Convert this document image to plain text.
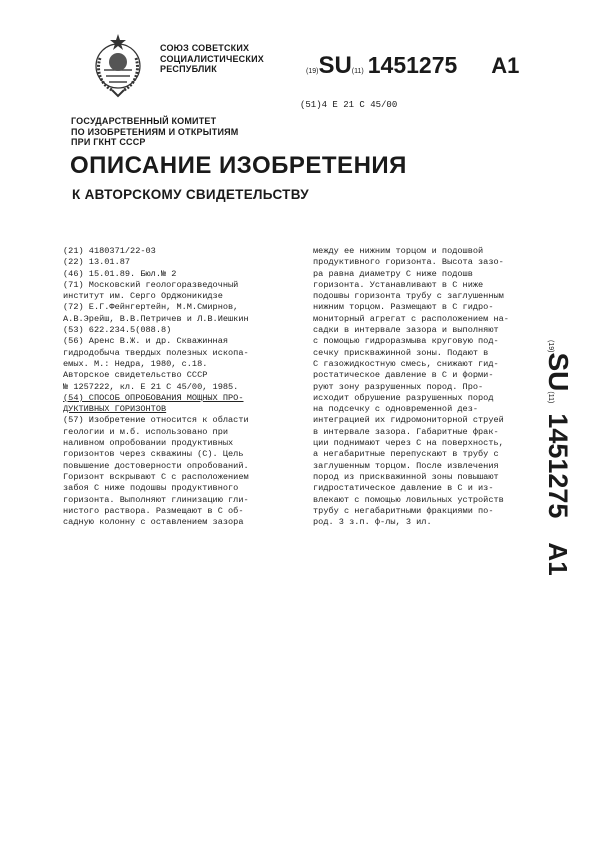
СОЮЗ СОВЕТСКИХ
СОЦИАЛИСТИЧЕСКИХ
РЕСПУБЛИК	(19)SU(11) 1451275 A1
(51)4 Е 21 С 45/00
ГОСУДАРСТВЕННЫЙ КОМИТЕТ
ПО ИЗОБРЕТЕНИЯМ И ОТКРЫТИЯМ
ПРИ ГКНТ СССР
ОПИСАНИЕ ИЗОБРЕТЕНИЯ
К АВТОРСКОМУ СВИДЕТЕЛЬСТВУ
(21) 4180371/22-03
(22) 13.01.87
(46) 15.01.89. Бюл.№ 2
(71) Московский геологоразведочный
институт им. Серго Орджоникидзе
(72) Е.Г.Фейнгертейн, М.М.Смирнов,
А.В.Эрейш, В.В.Петричев и Л.В.Иешкин
(53) 622.234.5(088.8)
(56) Аренс В.Ж. и др. Скважинная
гидродобыча твердых полезных ископа-
емых. М.: Недра, 1980, с.18.
Авторское свидетельство СССР
№ 1257222, кл. Е 21 С 45/00, 1985.
(54) СПОСОБ ОПРОБОВАНИЯ МОЩНЫХ ПРО-
ДУКТИВНЫХ ГОРИЗОНТОВ
(57) Изобретение относится к области
геологии и м.б. использовано при
наливном опробовании продуктивных
горизонтов через скважины (С). Цель
повышение достоверности опробований.
Горизонт вскрывают С с расположением
забоя С ниже подошвы продуктивного
горизонта. Выполняют глинизацию гли-
нистого раствора. Размещают в С об-
садную колонну с оставлением зазора
между ее нижним торцом и подошвой
продуктивного горизонта. Высота зазо-
ра равна диаметру С ниже подошв
горизонта. Устанавливают в С ниже
подошвы горизонта трубу с заглушенным
нижним торцом. Размещают в С гидро-
мониторный агрегат с расположением на-
садки в интервале зазора и выполняют
с помощью гидроразмыва круговую под-
сечку прискважинной зоны. Подают в
С газожидкостную смесь, снижают гид-
ростатическое давление в С и форми-
руют зону разрушенных пород. Про-
исходит обрушение разрушенных пород
на подсечку с одновременной дез-
интеграцией их гидромониторной струей
в интервале зазора. Габаритные фрак-
ции поднимают через С на поверхность,
а негабаритные перепускают в трубу с
заглушенным торцом. После извлечения
пород из прискважинной зоны повышают
гидростатическое давление в С и из-
влекают с помощью ловильных устройств
трубу с негабаритными фракциями по-
род. 3 з.п. ф-лы, 3 ил.
(19)SU(11)1451275A1
